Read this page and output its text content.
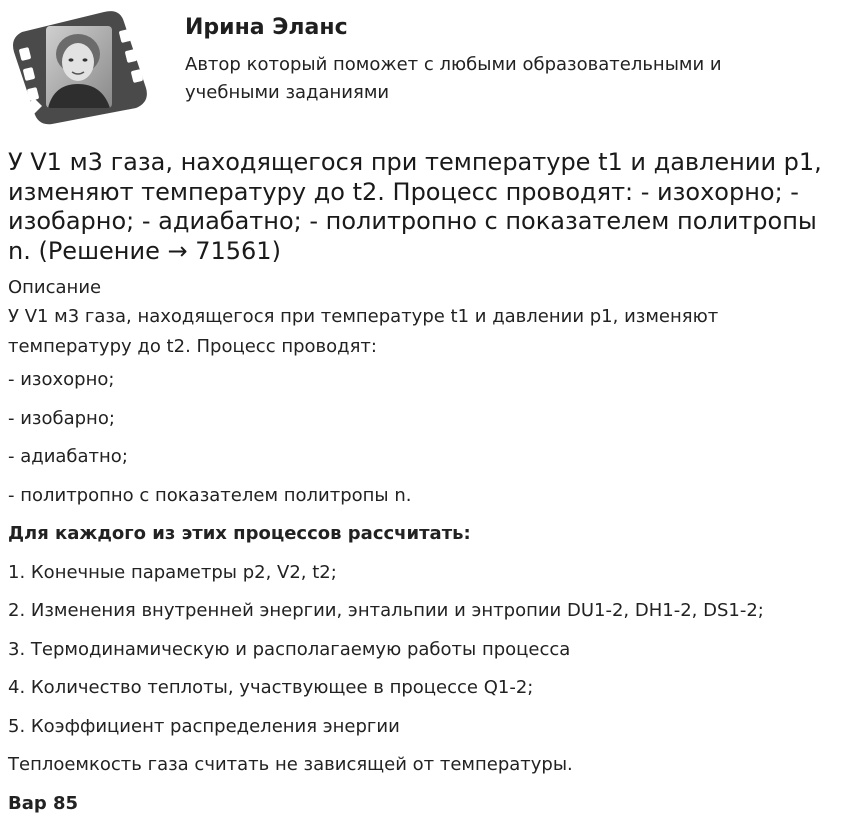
Ирина Эланс
Автор который поможет с любыми образовательными и учебными заданиями
У V1 м3 газа, находящегося при температуре t1 и давлении p1, изменяют температуру до t2. Процесс проводят: - изохорно; - изобарно; - адиабатно; - политропно с показателем политропы n. (Решение → 71561)
Описание

У V1 м3 газа, находящегося при температуре t1 и давлении p1, изменяют температуру до t2. Процесс проводят:

- изохорно;

- изобарно;

- адиабатно;

- политропно с показателем политропы n.

Для каждого из этих процессов рассчитать:

1. Конечные параметры p2, V2, t2;

2. Изменения внутренней энергии, энтальпии и энтропии DU1-2, DH1-2, DS1-2;

3. Термодинамическую и располагаемую работы процесса

4. Количество теплоты, участвующее в процессе Q1-2;

5. Коэффициент распределения энергии

Теплоемкость газа считать не зависящей от температуры.

Вар 85
